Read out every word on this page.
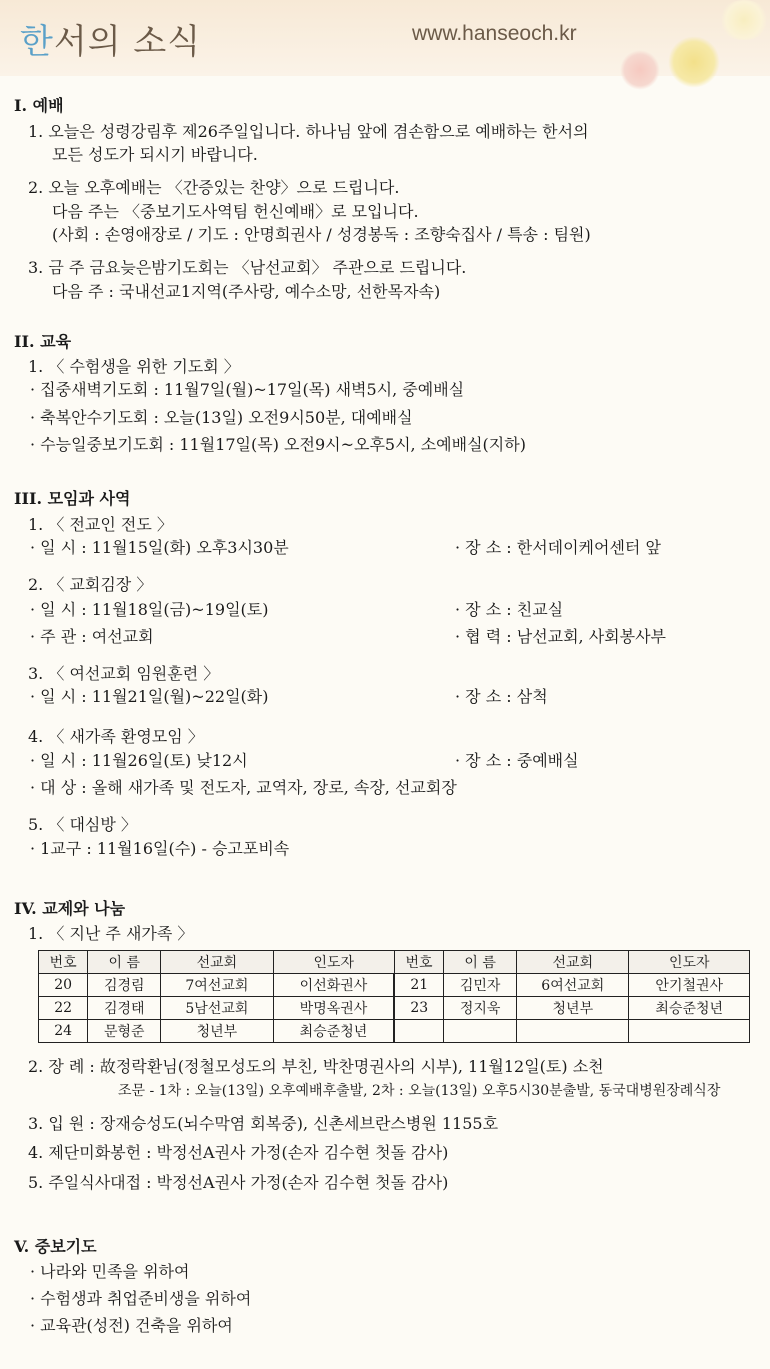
한서의 소식	www.hanseoch.kr
I. 예배
1. 오늘은 성령강림후 제26주일입니다. 하나님 앞에 겸손함으로 예배하는 한서의
모든 성도가 되시기 바랍니다.
2. 오늘 오후예배는 〈간증있는 찬양〉으로 드립니다.
다음 주는 〈중보기도사역팀 헌신예배〉로 모입니다.
(사회 : 손영애장로 / 기도 : 안명희권사 / 성경봉독 : 조향숙집사 / 특송 : 팀원)
3. 금 주 금요늦은밤기도회는 〈남선교회〉 주관으로 드립니다.
다음 주 : 국내선교1지역(주사랑, 예수소망, 선한목자속)
II. 교육
1. 〈 수험생을 위한 기도회 〉
· 집중새벽기도회 : 11월7일(월)~17일(목) 새벽5시, 중예배실
· 축복안수기도회 : 오늘(13일) 오전9시50분, 대예배실
· 수능일중보기도회 : 11월17일(목) 오전9시~오후5시, 소예배실(지하)
III. 모임과 사역
1. 〈 전교인 전도 〉
· 일 시 : 11월15일(화) 오후3시30분	· 장 소 : 한서데이케어센터 앞
2. 〈 교회김장 〉
· 일 시 : 11월18일(금)~19일(토)	· 장 소 : 친교실
· 주 관 : 여선교회	· 협 력 : 남선교회, 사회봉사부
3. 〈 여선교회 임원훈련 〉
· 일 시 : 11월21일(월)~22일(화)	· 장 소 : 삼척
4. 〈 새가족 환영모임 〉
· 일 시 : 11월26일(토) 낮12시	· 장 소 : 중예배실
· 대 상 : 올해 새가족 및 전도자, 교역자, 장로, 속장, 선교회장
5. 〈 대심방 〉
· 1교구 : 11월16일(수) - 승고포비속
IV. 교제와 나눔
1. 〈 지난 주 새가족 〉
번호	이 름	선교회	인도자	번호	이 름	선교회	인도자
20	김경림	7여선교회	이선화권사	21	김민자	6여선교회	안기철권사
22	김경태	5남선교회	박명옥권사	23	정지욱	청년부	최승준청년
24	문형준	청년부	최승준청년				
2. 장 례 : 故정락환님(정철모성도의 부친, 박찬명권사의 시부), 11월12일(토) 소천
조문 - 1차 : 오늘(13일) 오후예배후출발, 2차 : 오늘(13일) 오후5시30분출발, 동국대병원장례식장
3. 입 원 : 장재승성도(뇌수막염 회복중), 신촌세브란스병원 1155호
4. 제단미화봉헌 : 박정선A권사 가정(손자 김수현 첫돌 감사)
5. 주일식사대접 : 박정선A권사 가정(손자 김수현 첫돌 감사)
V. 중보기도
· 나라와 민족을 위하여
· 수험생과 취업준비생을 위하여
· 교육관(성전) 건축을 위하여
